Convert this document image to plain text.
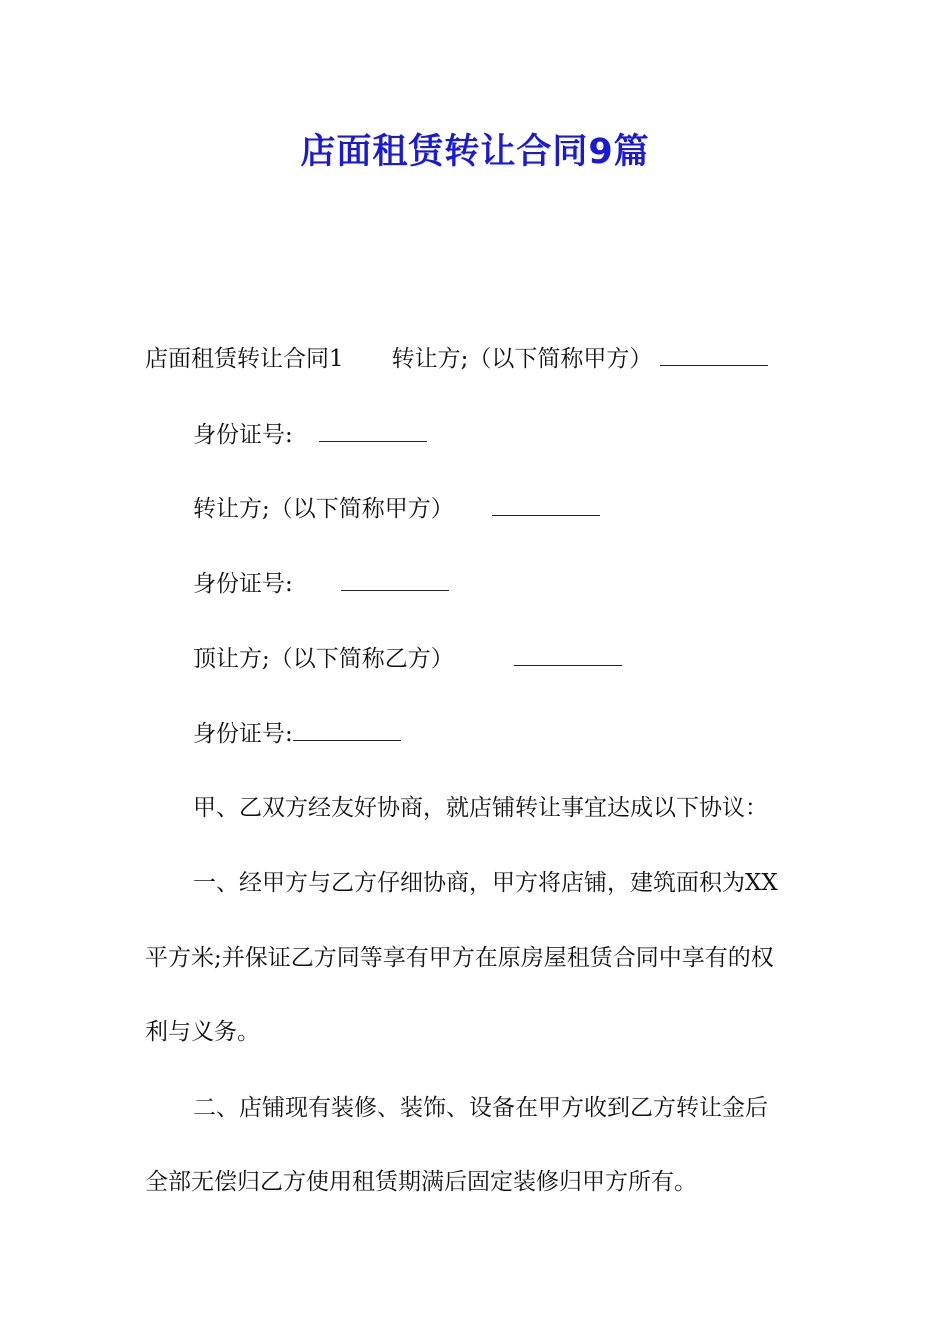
店面租赁转让合同9篇
店面租赁转让合同1 转让方;（以下简称甲方）
身份证号:
转让方;（以下简称甲方）
身份证号:
顶让方;（以下简称乙方）
身份证号:
甲、乙双方经友好协商，就店铺转让事宜达成以下协议：
一、经甲方与乙方仔细协商，甲方将店铺，建筑面积为XX
平方米;并保证乙方同等享有甲方在原房屋租赁合同中享有的权
利与义务。
二、店铺现有装修、装饰、设备在甲方收到乙方转让金后
全部无偿归乙方使用租赁期满后固定装修归甲方所有。
